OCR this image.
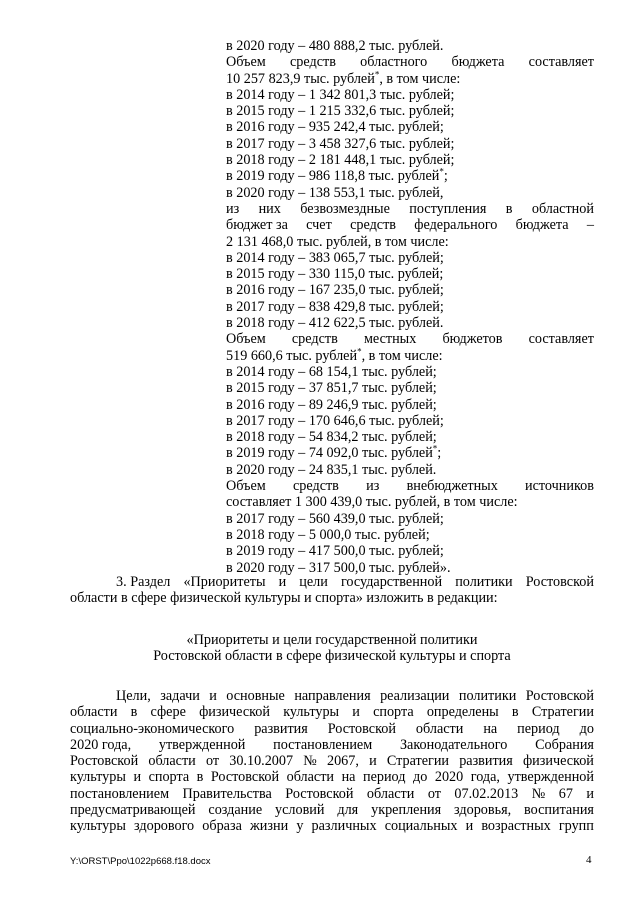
в 2020 году – 480 888,2 тыс. рублей.
Объем средств областного бюджета составляет
10 257 823,9 тыс. рублей*, в том числе:
в 2014 году – 1 342 801,3 тыс. рублей;
в 2015 году – 1 215 332,6 тыс. рублей;
в 2016 году – 935 242,4 тыс. рублей;
в 2017 году – 3 458 327,6 тыс. рублей;
в 2018 году – 2 181 448,1 тыс. рублей;
в 2019 году – 986 118,8 тыс. рублей*;
в 2020 году – 138 553,1 тыс. рублей,
из них безвозмездные поступления в областной
бюджет за счет средств федерального бюджета –
2 131 468,0 тыс. рублей, в том числе:
в 2014 году – 383 065,7 тыс. рублей;
в 2015 году – 330 115,0 тыс. рублей;
в 2016 году – 167 235,0 тыс. рублей;
в 2017 году – 838 429,8 тыс. рублей;
в 2018 году – 412 622,5 тыс. рублей.
Объем средств местных бюджетов составляет
519 660,6 тыс. рублей*, в том числе:
в 2014 году – 68 154,1 тыс. рублей;
в 2015 году – 37 851,7 тыс. рублей;
в 2016 году – 89 246,9 тыс. рублей;
в 2017 году – 170 646,6 тыс. рублей;
в 2018 году – 54 834,2 тыс. рублей;
в 2019 году – 74 092,0 тыс. рублей*;
в 2020 году – 24 835,1 тыс. рублей.
Объем средств из внебюджетных источников
составляет 1 300 439,0 тыс. рублей, в том числе:
в 2017 году – 560 439,0 тыс. рублей;
в 2018 году – 5 000,0 тыс. рублей;
в 2019 году – 417 500,0 тыс. рублей;
в 2020 году – 317 500,0 тыс. рублей».
3. Раздел «Приоритеты и цели государственной политики Ростовской
области в сфере физической культуры и спорта» изложить в редакции:
«Приоритеты и цели государственной политики
Ростовской области в сфере физической культуры и спорта
Цели, задачи и основные направления реализации политики Ростовской
области в сфере физической культуры и спорта определены в Стратегии
социально-экономического развития Ростовской области на период до
2020 года, утвержденной постановлением Законодательного Собрания
Ростовской области от 30.10.2007 № 2067, и Стратегии развития физической
культуры и спорта в Ростовской области на период до 2020 года, утвержденной
постановлением Правительства Ростовской области от 07.02.2013 № 67 и
предусматривающей создание условий для укрепления здоровья, воспитания
культуры здорового образа жизни у различных социальных и возрастных групп
Y:\ORST\Ppo\1022p668.f18.docx	4
